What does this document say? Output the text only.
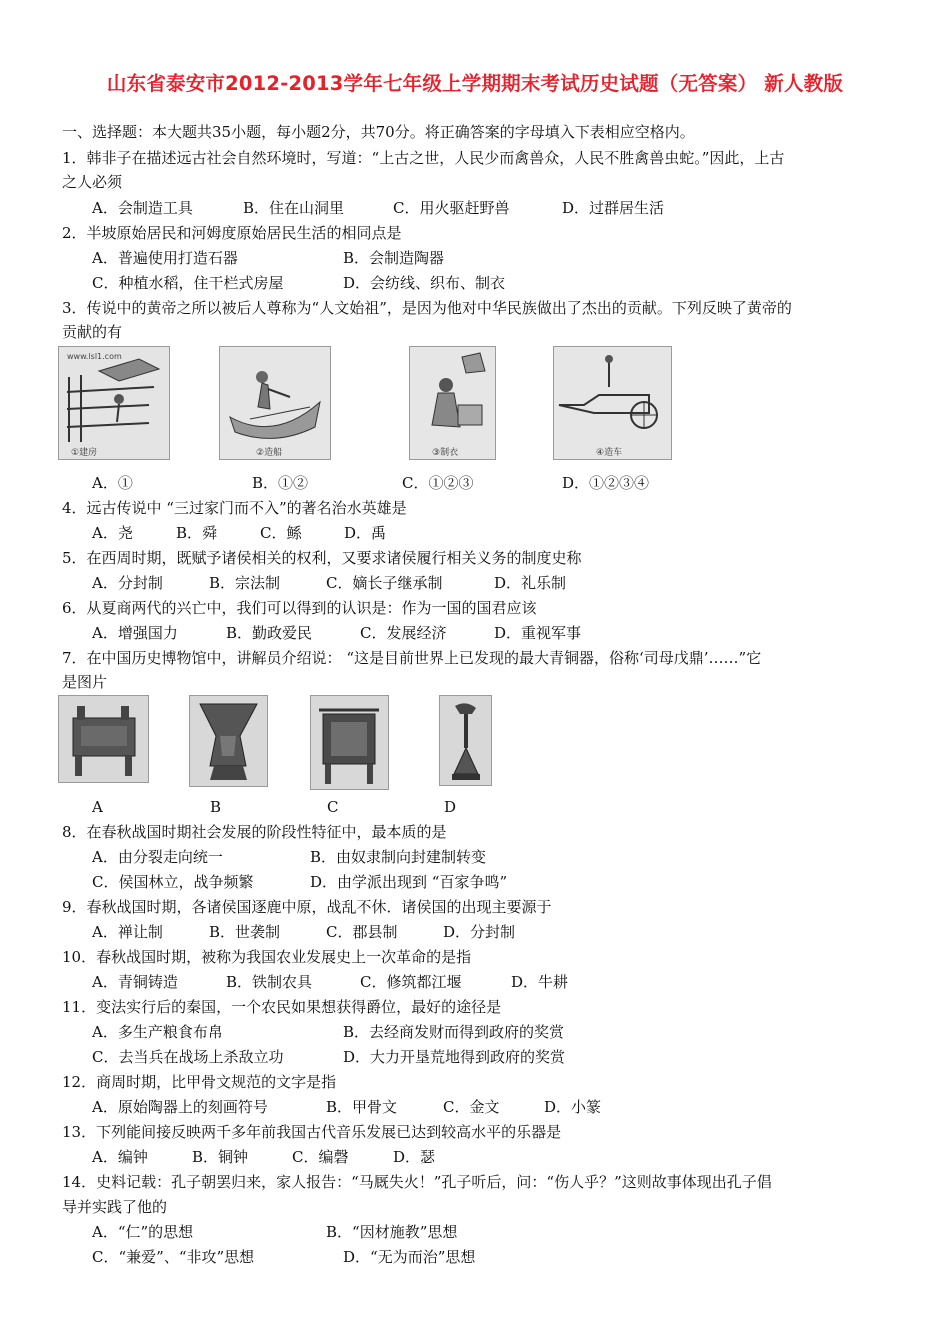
山东省泰安市2012-2013学年七年级上学期期末考试历史试题（无答案） 新人教版
一、选择题：本大题共35小题，每小题2分，共70分。将正确答案的字母填入下表相应空格内。
1．韩非子在描述远古社会自然环境时，写道：“上古之世，人民少而禽兽众，人民不胜禽兽虫蛇。”因此，上古
之人必须
A．会制造工具	B．住在山洞里	C．用火驱赶野兽	D．过群居生活
2．半坡原始居民和河姆度原始居民生活的相同点是
A．普遍使用打造石器	B．会制造陶器
C．种植水稻，住干栏式房屋	D．会纺线、织布、制衣
3．传说中的黄帝之所以被后人尊称为“人文始祖”，是因为他对中华民族做出了杰出的贡献。下列反映了黄帝的
贡献的有
www.lsl1.com
①建房	②造船	③制衣	④造车
A．①	B．①②	C．①②③	D．①②③④
4．远古传说中 “三过家门而不入”的著名治水英雄是
A．尧	B．舜	C．鲧	D．禹
5．在西周时期，既赋予诸侯相关的权利，又要求诸侯履行相关义务的制度史称
A．分封制	B．宗法制	C．嫡长子继承制	D．礼乐制
6．从夏商两代的兴亡中，我们可以得到的认识是：作为一国的国君应该
A．增强国力	B．勤政爱民	C．发展经济	D．重视军事
7．在中国历史博物馆中，讲解员介绍说： “这是目前世界上已发现的最大青铜器，俗称‘司母戊鼎’……”它
是图片
A	B	C	D
8．在春秋战国时期社会发展的阶段性特征中，最本质的是
A．由分裂走向统一	B．由奴隶制向封建制转变
C．侯国林立，战争频繁	D．由学派出现到 “百家争鸣”
9．春秋战国时期，各诸侯国逐鹿中原，战乱不休．诸侯国的出现主要源于
A．禅让制	B．世袭制	C．郡县制	D．分封制
10．春秋战国时期，被称为我国农业发展史上一次革命的是指
A．青铜铸造	B．铁制农具	C．修筑都江堰	D．牛耕
11．变法实行后的秦国，一个农民如果想获得爵位，最好的途径是
A．多生产粮食布帛	B．去经商发财而得到政府的奖赏
C．去当兵在战场上杀敌立功	D．大力开垦荒地得到政府的奖赏
12．商周时期，比甲骨文规范的文字是指
A．原始陶器上的刻画符号	B．甲骨文	C．金文	D．小篆
13．下列能间接反映两千多年前我国古代音乐发展已达到较高水平的乐器是
A．编钟	B．铜钟	C．编磬	D．瑟
14．史料记载：孔子朝罢归来，家人报告：“马厩失火！”孔子听后，问：“伤人乎？”这则故事体现出孔子倡
导并实践了他的
A．“仁”的思想	B．“因材施教”思想
C．“兼爱”、“非攻”思想	D．“无为而治”思想
